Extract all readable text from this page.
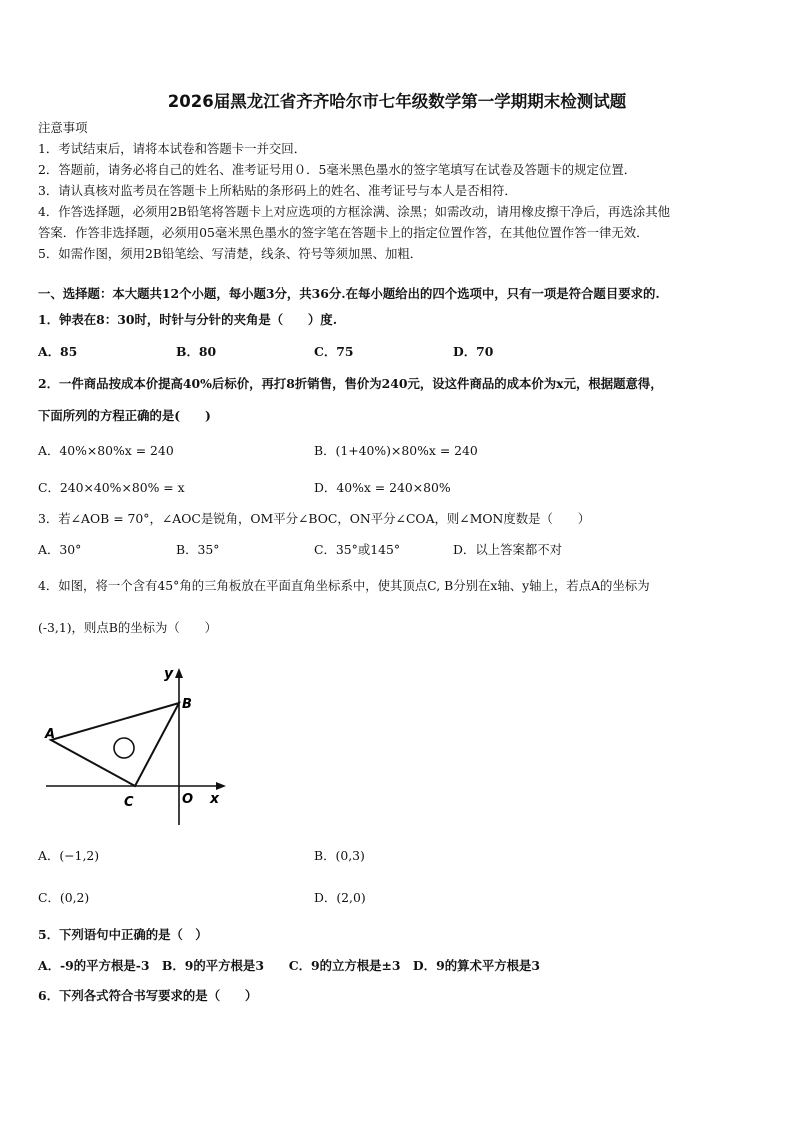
2026届黑龙江省齐齐哈尔市七年级数学第一学期期末检测试题
注意事项
1．考试结束后，请将本试卷和答题卡一并交回．
2．答题前，请务必将自己的姓名、准考证号用０．5毫米黑色墨水的签字笔填写在试卷及答题卡的规定位置．
3．请认真核对监考员在答题卡上所粘贴的条形码上的姓名、准考证号与本人是否相符．
4．作答选择题，必须用2B铅笔将答题卡上对应选项的方框涂满、涂黑；如需改动，请用橡皮擦干净后，再选涂其他
答案．作答非选择题，必须用05毫米黑色墨水的签字笔在答题卡上的指定位置作答，在其他位置作答一律无效．
5．如需作图，须用2B铅笔绘、写清楚，线条、符号等须加黑、加粗．
一、选择题：本大题共12个小题，每小题3分，共36分.在每小题给出的四个选项中，只有一项是符合题目要求的.
1．钟表在8：30时，时针与分针的夹角是（　　）度.
A．85	B．80	C．75	D．70
2．一件商品按成本价提高40%后标价，再打8折销售，售价为240元，设这件商品的成本价为x元，根据题意得，
下面所列的方程正确的是(　　)
A．40%×80%x = 240	B．(1+40%)×80%x = 240
C．240×40%×80% = x	D．40%x = 240×80%
3．若∠AOB = 70°，∠AOC是锐角，OM平分∠BOC，ON平分∠COA，则∠MON度数是（　　）
A．30°	B．35°	C．35°或145°	D．以上答案都不对
4．如图，将一个含有45°角的三角板放在平面直角坐标系中，使其顶点C, B分别在x轴、y轴上，若点A的坐标为
(-3,1)，则点B的坐标为（　　）
y
B
A
C	O x
A．(−1,2)	B．(0,3)
C．(0,2)	D．(2,0)
5．下列语句中正确的是（　）
A．-9的平方根是-3　B．9的平方根是3　　C．9的立方根是±3　D．9的算术平方根是3
6．下列各式符合书写要求的是（　　）
